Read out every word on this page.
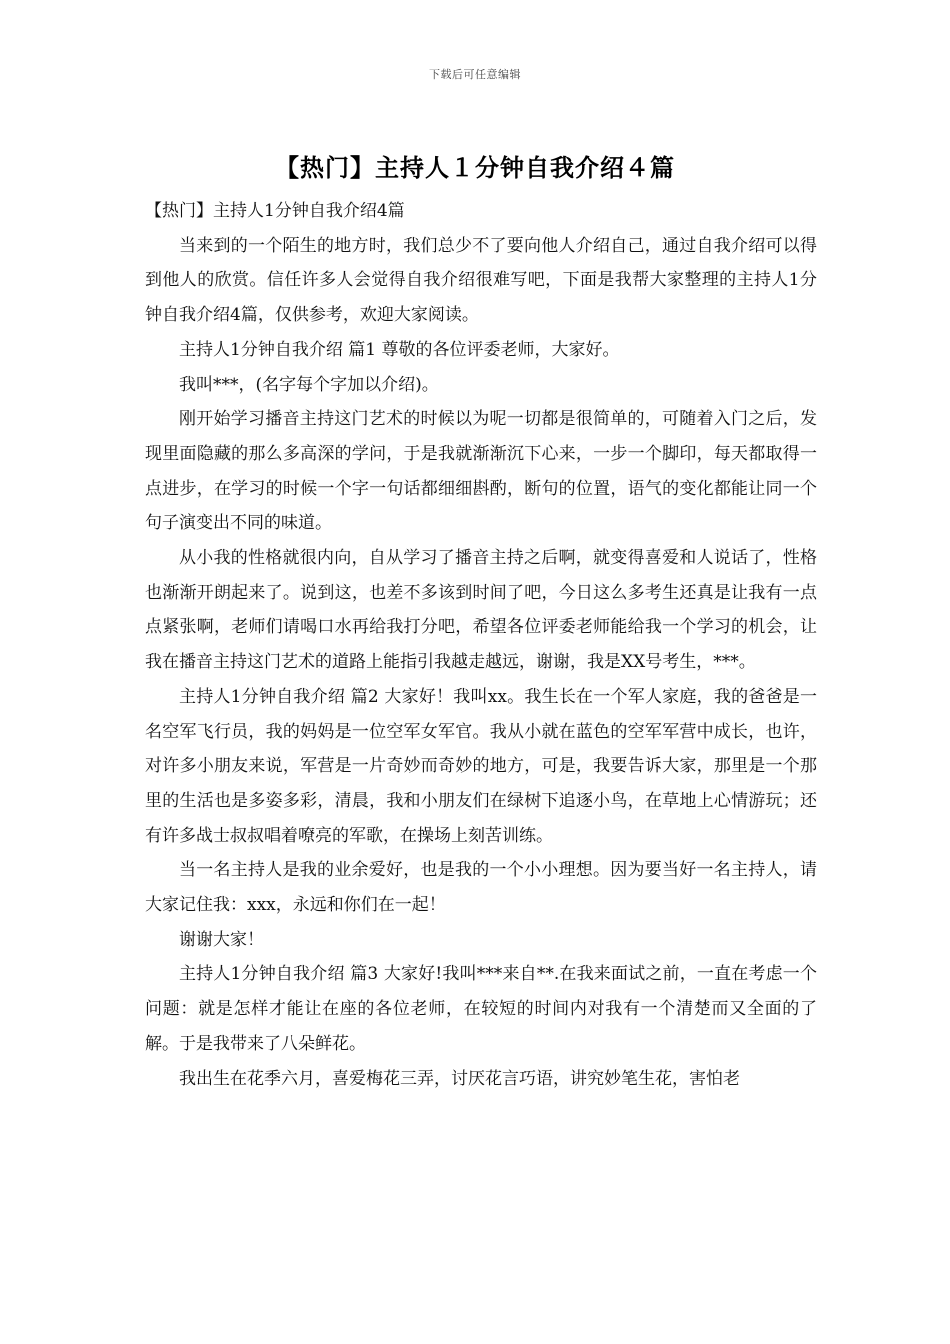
下载后可任意编辑
【热门】主持人１分钟自我介绍４篇

【热门】主持人1分钟自我介绍4篇

当来到的一个陌生的地方时，我们总少不了要向他人介绍自己，通过自我介绍可以得到他人的欣赏。信任许多人会觉得自我介绍很难写吧，下面是我帮大家整理的主持人1分钟自我介绍4篇，仅供参考，欢迎大家阅读。

主持人1分钟自我介绍 篇1 尊敬的各位评委老师，大家好。

我叫***，(名字每个字加以介绍)。

刚开始学习播音主持这门艺术的时候以为呢一切都是很简单的，可随着入门之后，发现里面隐藏的那么多高深的学问，于是我就渐渐沉下心来，一步一个脚印，每天都取得一点进步，在学习的时候一个字一句话都细细斟酌，断句的位置，语气的变化都能让同一个句子演变出不同的味道。

从小我的性格就很内向，自从学习了播音主持之后啊，就变得喜爱和人说话了，性格也渐渐开朗起来了。说到这，也差不多该到时间了吧，今日这么多考生还真是让我有一点点紧张啊，老师们请喝口水再给我打分吧，希望各位评委老师能给我一个学习的机会，让我在播音主持这门艺术的道路上能指引我越走越远，谢谢，我是XX号考生，***。

主持人1分钟自我介绍 篇2 大家好！我叫xx。我生长在一个军人家庭，我的爸爸是一名空军飞行员，我的妈妈是一位空军女军官。我从小就在蓝色的空军军营中成长，也许，对许多小朋友来说，军营是一片奇妙而奇妙的地方，可是，我要告诉大家，那里是一个那里的生活也是多姿多彩，清晨，我和小朋友们在绿树下追逐小鸟，在草地上心情游玩；还有许多战士叔叔唱着嘹亮的军歌，在操场上刻苦训练。

当一名主持人是我的业余爱好，也是我的一个小小理想。因为要当好一名主持人，请大家记住我：xxx，永远和你们在一起！

谢谢大家！

主持人1分钟自我介绍 篇3 大家好!我叫***来自**.在我来面试之前，一直在考虑一个问题：就是怎样才能让在座的各位老师，在较短的时间内对我有一个清楚而又全面的了解。于是我带来了八朵鲜花。

我出生在花季六月，喜爱梅花三弄，讨厌花言巧语，讲究妙笔生花，害怕老
